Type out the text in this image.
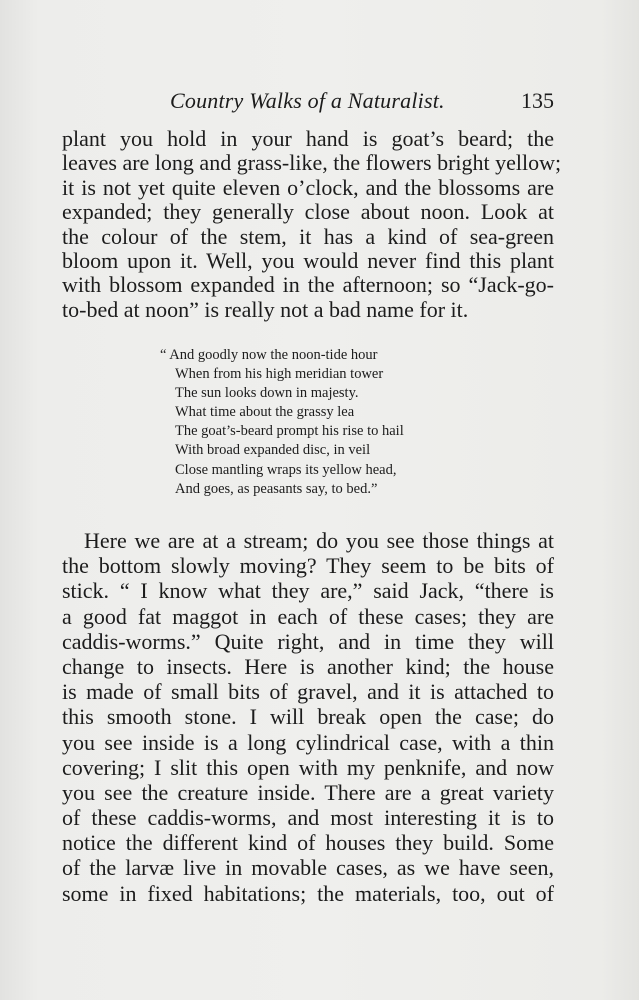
Country Walks of a Naturalist.	135
plant you hold in your hand is goat’s beard; the
leaves are long and grass-like, the flowers bright yellow;
it is not yet quite eleven o’clock, and the blossoms are
expanded; they generally close about noon. Look at
the colour of the stem, it has a kind of sea-green
bloom upon it. Well, you would never find this plant
with blossom expanded in the afternoon; so “Jack-go-
to-bed at noon” is really not a bad name for it.
“ And goodly now the noon-tide hour
When from his high meridian tower
The sun looks down in majesty.
What time about the grassy lea
The goat’s-beard prompt his rise to hail
With broad expanded disc, in veil
Close mantling wraps its yellow head,
And goes, as peasants say, to bed.”
Here we are at a stream; do you see those things at
the bottom slowly moving? They seem to be bits of
stick. “ I know what they are,” said Jack, “there is
a good fat maggot in each of these cases; they are
caddis-worms.” Quite right, and in time they will
change to insects. Here is another kind; the house
is made of small bits of gravel, and it is attached to
this smooth stone. I will break open the case; do
you see inside is a long cylindrical case, with a thin
covering; I slit this open with my penknife, and now
you see the creature inside. There are a great variety
of these caddis-worms, and most interesting it is to
notice the different kind of houses they build. Some
of the larvæ live in movable cases, as we have seen,
some in fixed habitations; the materials, too, out of
